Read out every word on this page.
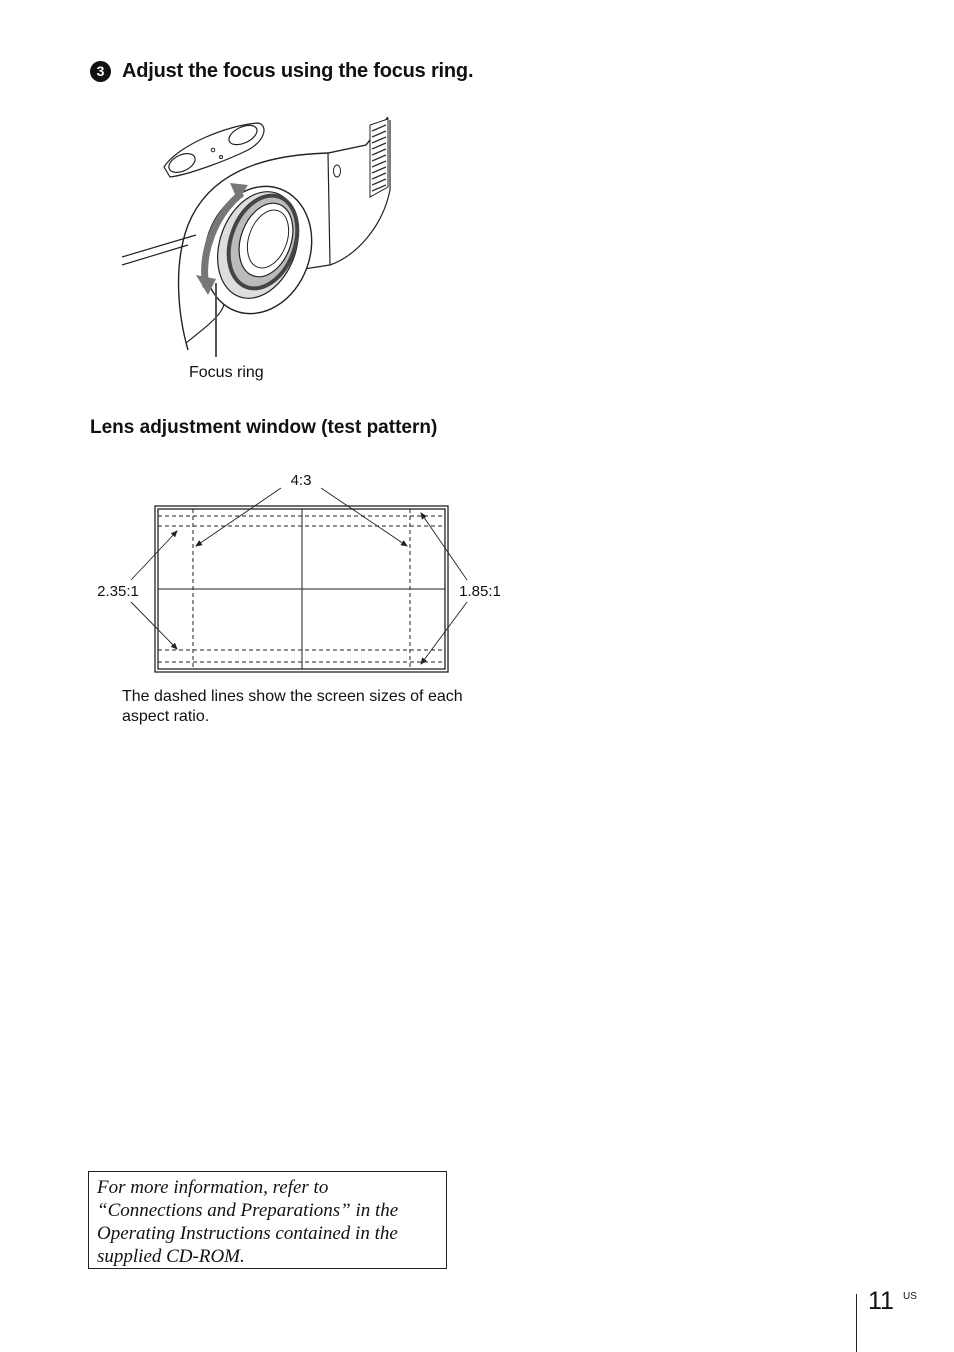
3 Adjust the focus using the focus ring.
Focus ring
Lens adjustment window (test pattern)
4:3
2.35:1	1.85:1
The dashed lines show the screen sizes of each aspect ratio.
For more information, refer to “Connections and Preparations” in the Operating Instructions contained in the supplied CD-ROM.
11 US
